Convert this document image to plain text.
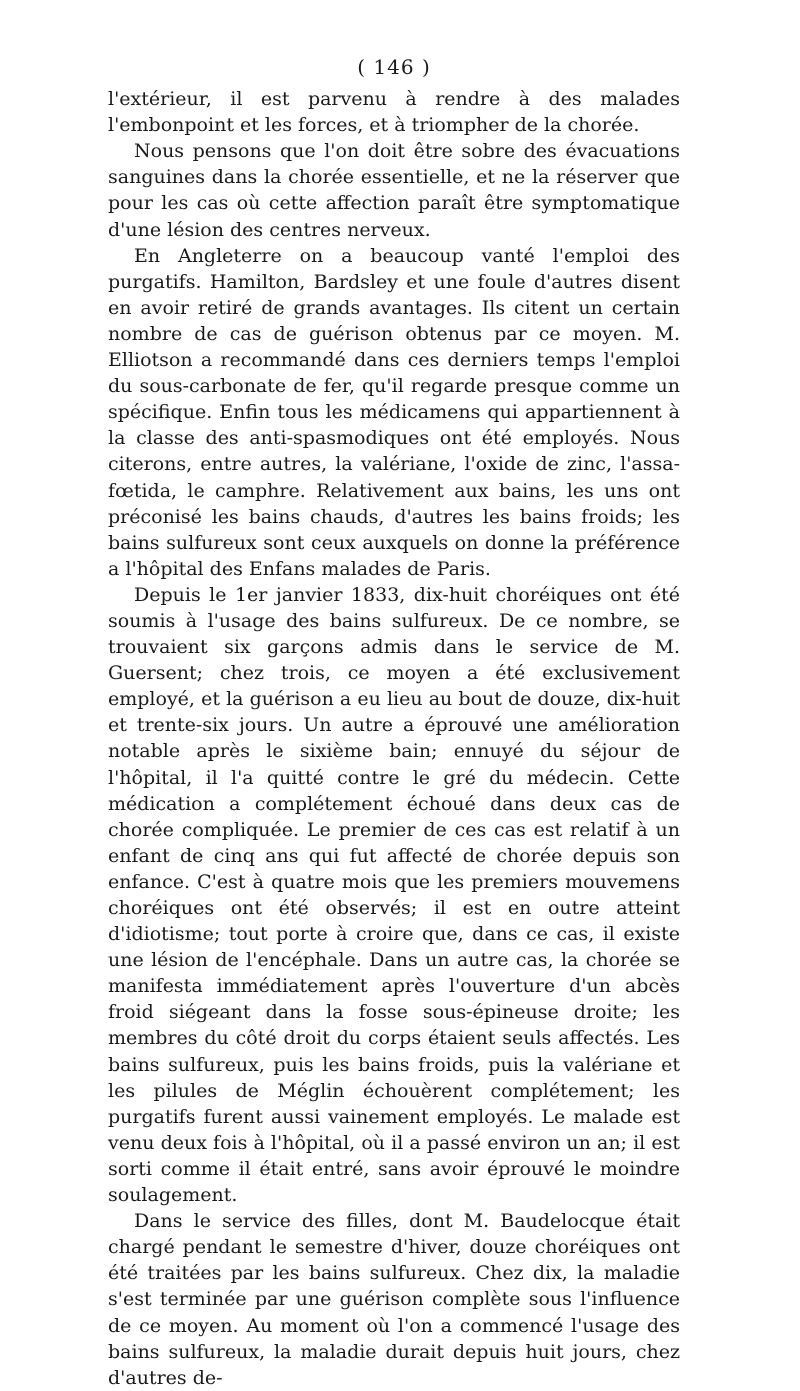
( 146 )

l'extérieur, il est parvenu à rendre à des malades l'embonpoint et les forces, et à triompher de la chorée.

Nous pensons que l'on doit être sobre des évacuations sanguines dans la chorée essentielle, et ne la réserver que pour les cas où cette affection paraît être symptomatique d'une lésion des centres nerveux.

En Angleterre on a beaucoup vanté l'emploi des purgatifs. Hamilton, Bardsley et une foule d'autres disent en avoir retiré de grands avantages. Ils citent un certain nombre de cas de guérison obtenus par ce moyen. M. Elliotson a recommandé dans ces derniers temps l'emploi du sous-carbonate de fer, qu'il regarde presque comme un spécifique. Enfin tous les médicamens qui appartiennent à la classe des anti-spasmodiques ont été employés. Nous citerons, entre autres, la valériane, l'oxide de zinc, l'assa-fœtida, le camphre. Relativement aux bains, les uns ont préconisé les bains chauds, d'autres les bains froids; les bains sulfureux sont ceux auxquels on donne la préférence a l'hôpital des Enfans malades de Paris.

Depuis le 1er janvier 1833, dix-huit choréiques ont été soumis à l'usage des bains sulfureux. De ce nombre, se trouvaient six garçons admis dans le service de M. Guersent; chez trois, ce moyen a été exclusivement employé, et la guérison a eu lieu au bout de douze, dix-huit et trente-six jours. Un autre a éprouvé une amélioration notable après le sixième bain; ennuyé du séjour de l'hôpital, il l'a quitté contre le gré du médecin. Cette médication a complétement échoué dans deux cas de chorée compliquée. Le premier de ces cas est relatif à un enfant de cinq ans qui fut affecté de chorée depuis son enfance. C'est à quatre mois que les premiers mouvemens choréiques ont été observés; il est en outre atteint d'idiotisme; tout porte à croire que, dans ce cas, il existe une lésion de l'encéphale. Dans un autre cas, la chorée se manifesta immédiatement après l'ouverture d'un abcès froid siégeant dans la fosse sous-épineuse droite; les membres du côté droit du corps étaient seuls affectés. Les bains sulfureux, puis les bains froids, puis la valériane et les pilules de Méglin échouèrent complétement; les purgatifs furent aussi vainement employés. Le malade est venu deux fois à l'hôpital, où il a passé environ un an; il est sorti comme il était entré, sans avoir éprouvé le moindre soulagement.

Dans le service des filles, dont M. Baudelocque était chargé pendant le semestre d'hiver, douze choréiques ont été traitées par les bains sulfureux. Chez dix, la maladie s'est terminée par une guérison complète sous l'influence de ce moyen. Au moment où l'on a commencé l'usage des bains sulfureux, la maladie durait depuis huit jours, chez d'autres de-
